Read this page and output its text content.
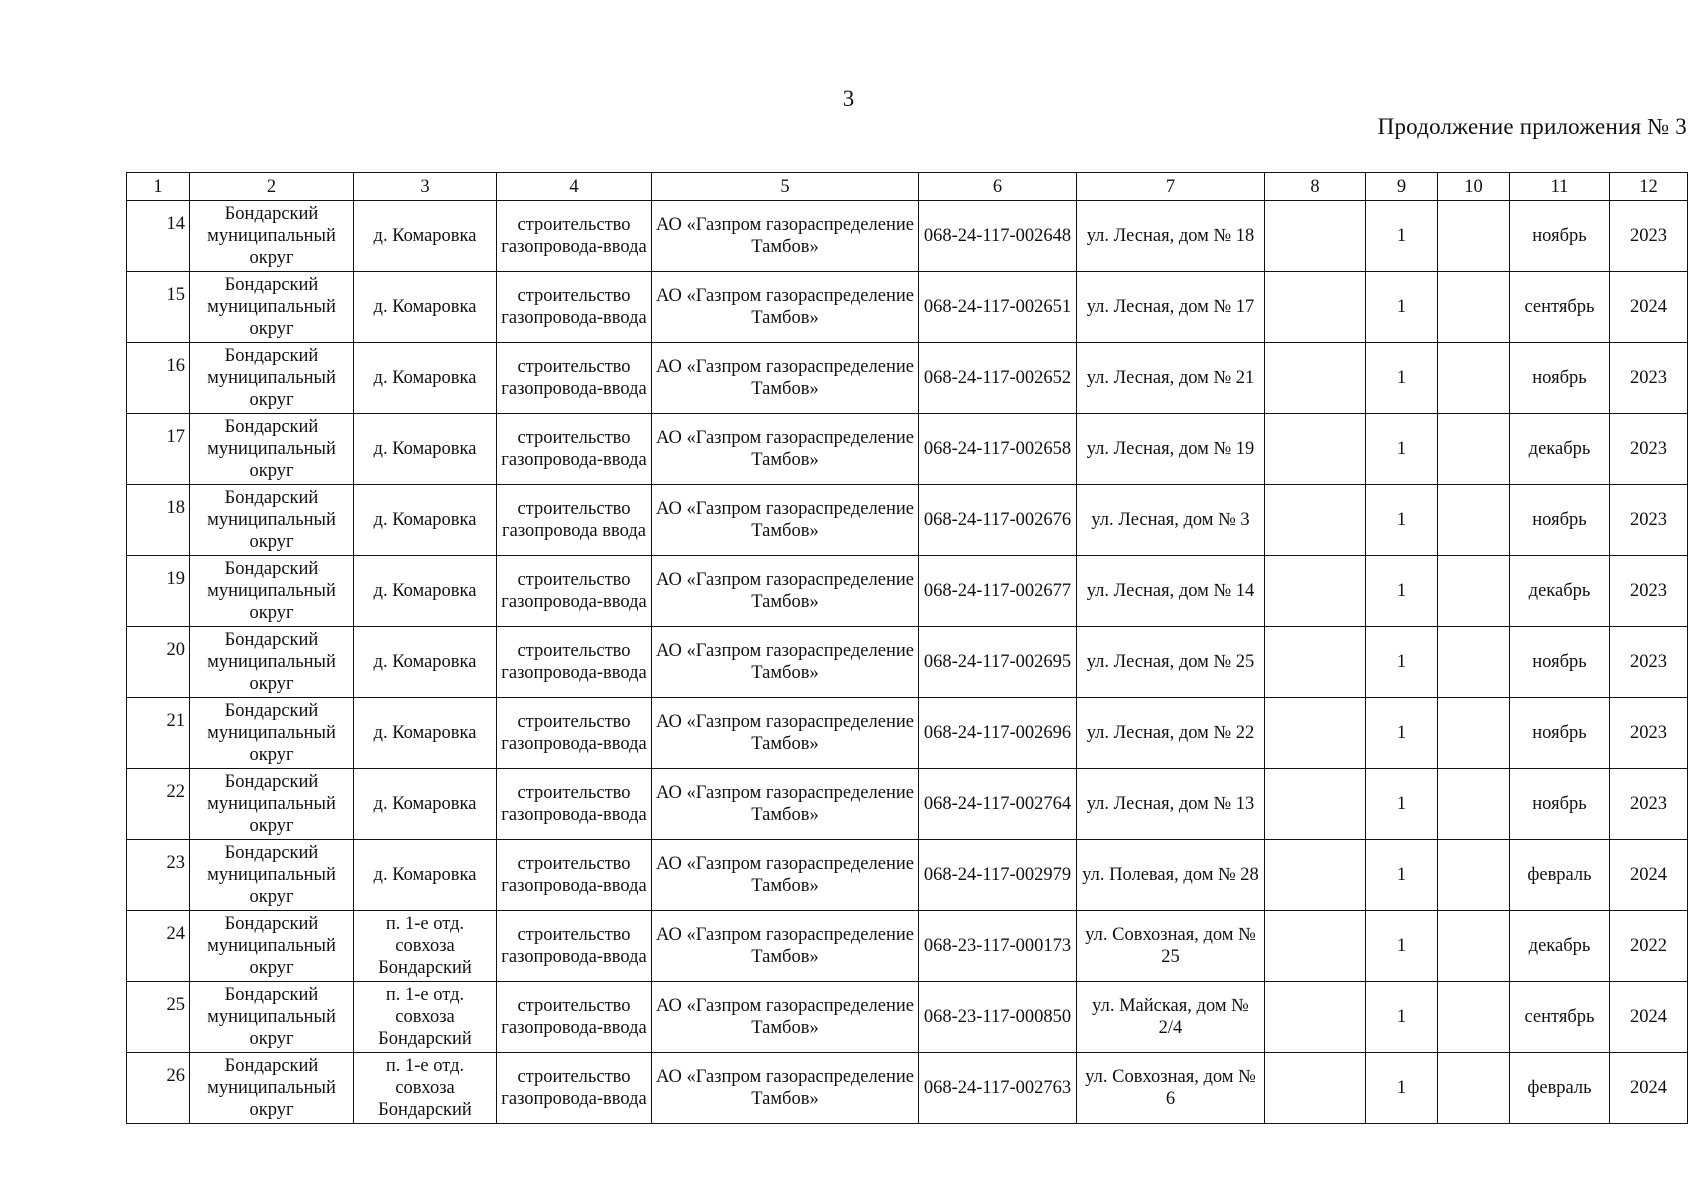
3
Продолжение приложения № 3
1	2	3	4	5	6	7	8	9	10	11	12
14	Бондарский муниципальный округ	д. Комаровка	строительство газопровода-ввода	АО «Газпром газораспределение Тамбов»	068-24-117-002648	ул. Лесная, дом № 18		1		ноябрь	2023
15	Бондарский муниципальный округ	д. Комаровка	строительство газопровода-ввода	АО «Газпром газораспределение Тамбов»	068-24-117-002651	ул. Лесная, дом № 17		1		сентябрь	2024
16	Бондарский муниципальный округ	д. Комаровка	строительство газопровода-ввода	АО «Газпром газораспределение Тамбов»	068-24-117-002652	ул. Лесная, дом № 21		1		ноябрь	2023
17	Бондарский муниципальный округ	д. Комаровка	строительство газопровода-ввода	АО «Газпром газораспределение Тамбов»	068-24-117-002658	ул. Лесная, дом № 19		1		декабрь	2023
18	Бондарский муниципальный округ	д. Комаровка	строительство газопровода ввода	АО «Газпром газораспределение Тамбов»	068-24-117-002676	ул. Лесная, дом № 3		1		ноябрь	2023
19	Бондарский муниципальный округ	д. Комаровка	строительство газопровода-ввода	АО «Газпром газораспределение Тамбов»	068-24-117-002677	ул. Лесная, дом № 14		1		декабрь	2023
20	Бондарский муниципальный округ	д. Комаровка	строительство газопровода-ввода	АО «Газпром газораспределение Тамбов»	068-24-117-002695	ул. Лесная, дом № 25		1		ноябрь	2023
21	Бондарский муниципальный округ	д. Комаровка	строительство газопровода-ввода	АО «Газпром газораспределение Тамбов»	068-24-117-002696	ул. Лесная, дом № 22		1		ноябрь	2023
22	Бондарский муниципальный округ	д. Комаровка	строительство газопровода-ввода	АО «Газпром газораспределение Тамбов»	068-24-117-002764	ул. Лесная, дом № 13		1		ноябрь	2023
23	Бондарский муниципальный округ	д. Комаровка	строительство газопровода-ввода	АО «Газпром газораспределение Тамбов»	068-24-117-002979	ул. Полевая, дом № 28		1		февраль	2024
24	Бондарский муниципальный округ	п. 1-е отд. совхоза Бондарский	строительство газопровода-ввода	АО «Газпром газораспределение Тамбов»	068-23-117-000173	ул. Совхозная, дом № 25		1		декабрь	2022
25	Бондарский муниципальный округ	п. 1-е отд. совхоза Бондарский	строительство газопровода-ввода	АО «Газпром газораспределение Тамбов»	068-23-117-000850	ул. Майская, дом № 2/4		1		сентябрь	2024
26	Бондарский муниципальный округ	п. 1-е отд. совхоза Бондарский	строительство газопровода-ввода	АО «Газпром газораспределение Тамбов»	068-24-117-002763	ул. Совхозная, дом № 6		1		февраль	2024
